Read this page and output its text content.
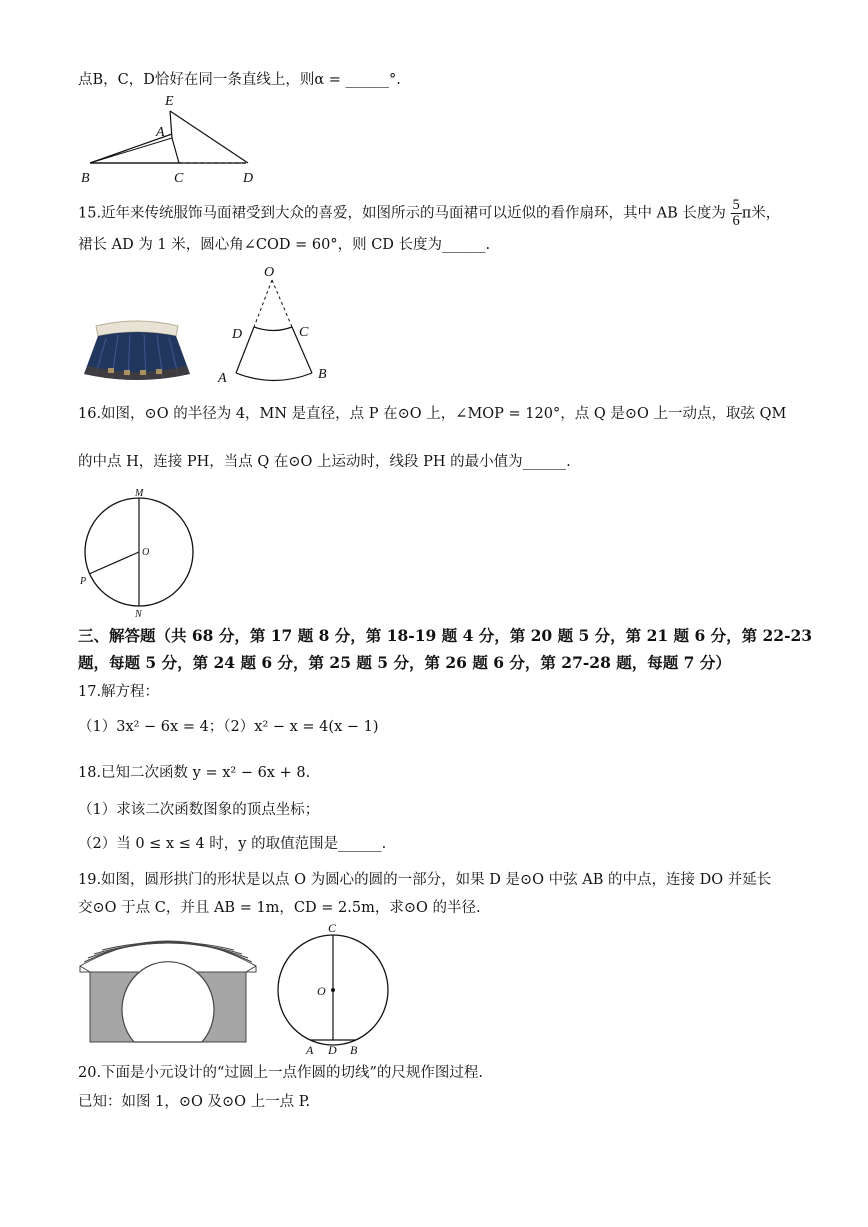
点B，C，D恰好在同一条直线上，则α = ______°.
E
A
B	C	D
15.近年来传统服饰马面裙受到大众的喜爱，如图所示的马面裙可以近似的看作扇环，其中 AB 长度为 $\frac{5}{6}$ π米，
裙长 AD 为 1 米，圆心角∠COD = 60°，则 CD 长度为______.
O
D	C
A	B
16.如图，⊙O 的半径为 4，MN 是直径，点 P 在⊙O 上，∠MOP = 120°，点 Q 是⊙O 上一动点，取弦 QM
的中点 H，连接 PH，当点 Q 在⊙O 上运动时，线段 PH 的最小值为______.
M
O
P
N
三、解答题（共 68 分，第 17 题 8 分，第 18-19 题 4 分，第 20 题 5 分，第 21 题 6 分，第 22-23
题，每题 5 分，第 24 题 6 分，第 25 题 5 分，第 26 题 6 分，第 27-28 题，每题 7 分）
17.解方程：
（1）3x² − 6x = 4；（2）x² − x = 4(x − 1)
18.已知二次函数 y = x² − 6x + 8.
（1）求该二次函数图象的顶点坐标；
（2）当 0 ≤ x ≤ 4 时，y 的取值范围是______.
19.如图，圆形拱门的形状是以点 O 为圆心的圆的一部分，如果 D 是⊙O 中弦 AB 的中点，连接 DO 并延长
交⊙O 于点 C，并且 AB = 1m，CD = 2.5m，求⊙O 的半径.
C
O
A D B
20.下面是小元设计的“过圆上一点作圆的切线”的尺规作图过程.
已知：如图 1，⊙O 及⊙O 上一点 P.
